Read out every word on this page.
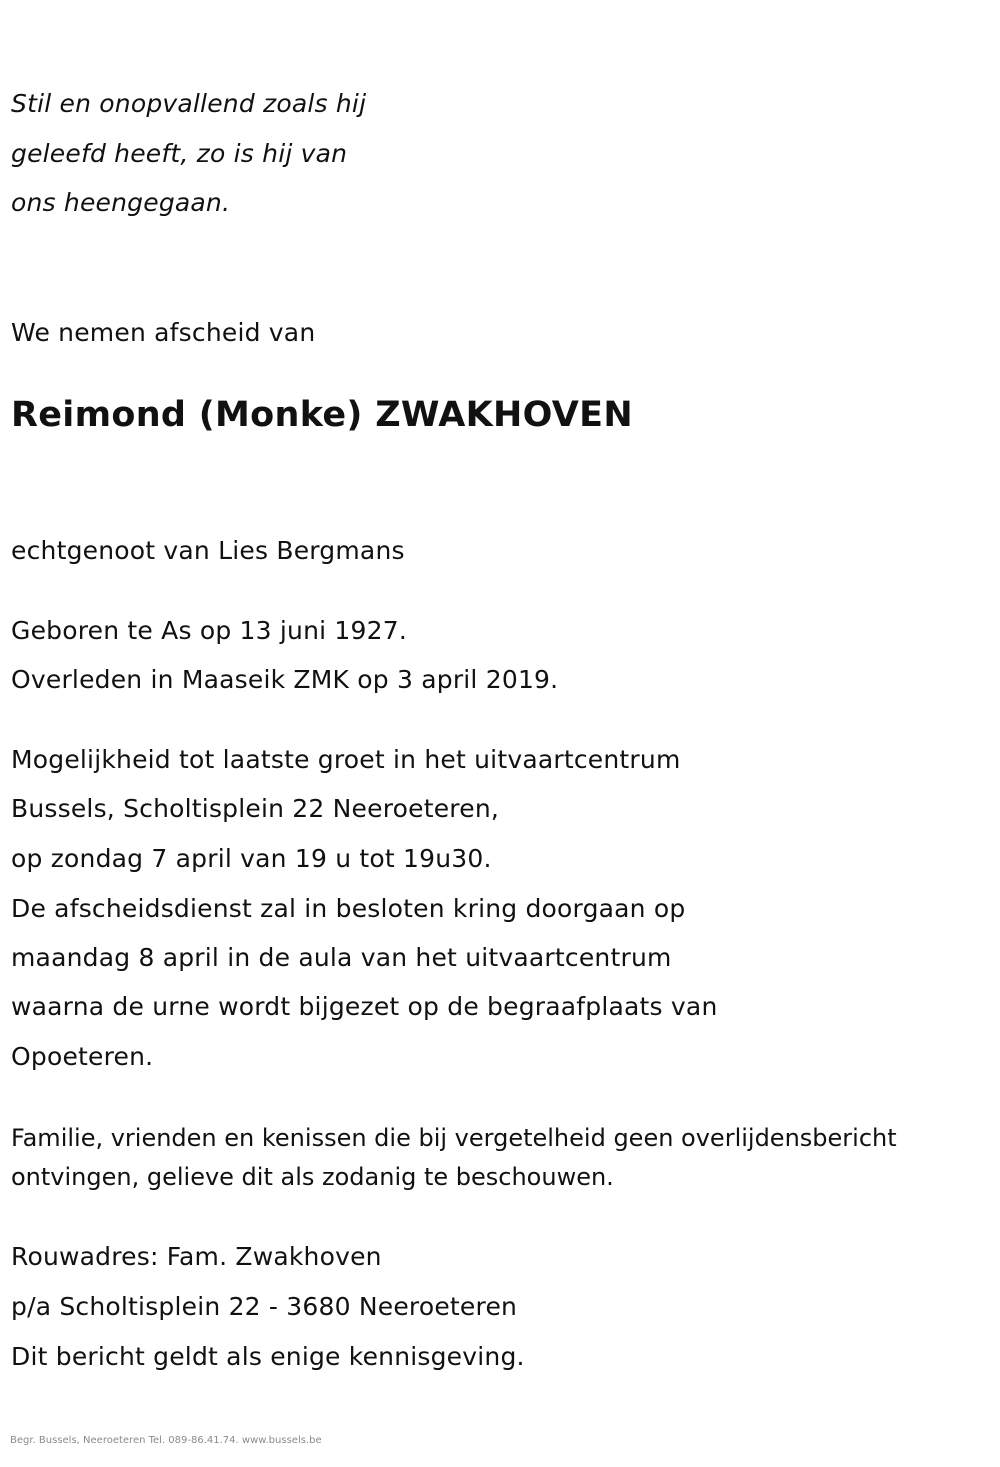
Stil en onopvallend zoals hij
geleefd heeft, zo is hij van
ons heengegaan.
We nemen afscheid van
Reimond (Monke) ZWAKHOVEN
echtgenoot van Lies Bergmans
Geboren te As op 13 juni 1927.
Overleden in Maaseik ZMK op 3 april 2019.
Mogelijkheid tot laatste groet in het uitvaartcentrum
Bussels, Scholtisplein 22 Neeroeteren,
op zondag 7 april van 19 u tot 19u30.
De afscheidsdienst zal in besloten kring doorgaan op
maandag 8 april in de aula van het uitvaartcentrum
waarna de urne wordt bijgezet op de begraafplaats van
Opoeteren.
Familie, vrienden en kenissen die bij vergetelheid geen overlijdensbericht
ontvingen, gelieve dit als zodanig te beschouwen.
Rouwadres: Fam. Zwakhoven
p/a Scholtisplein 22 - 3680 Neeroeteren
Dit bericht geldt als enige kennisgeving.
Begr. Bussels, Neeroeteren Tel. 089-86.41.74. www.bussels.be
